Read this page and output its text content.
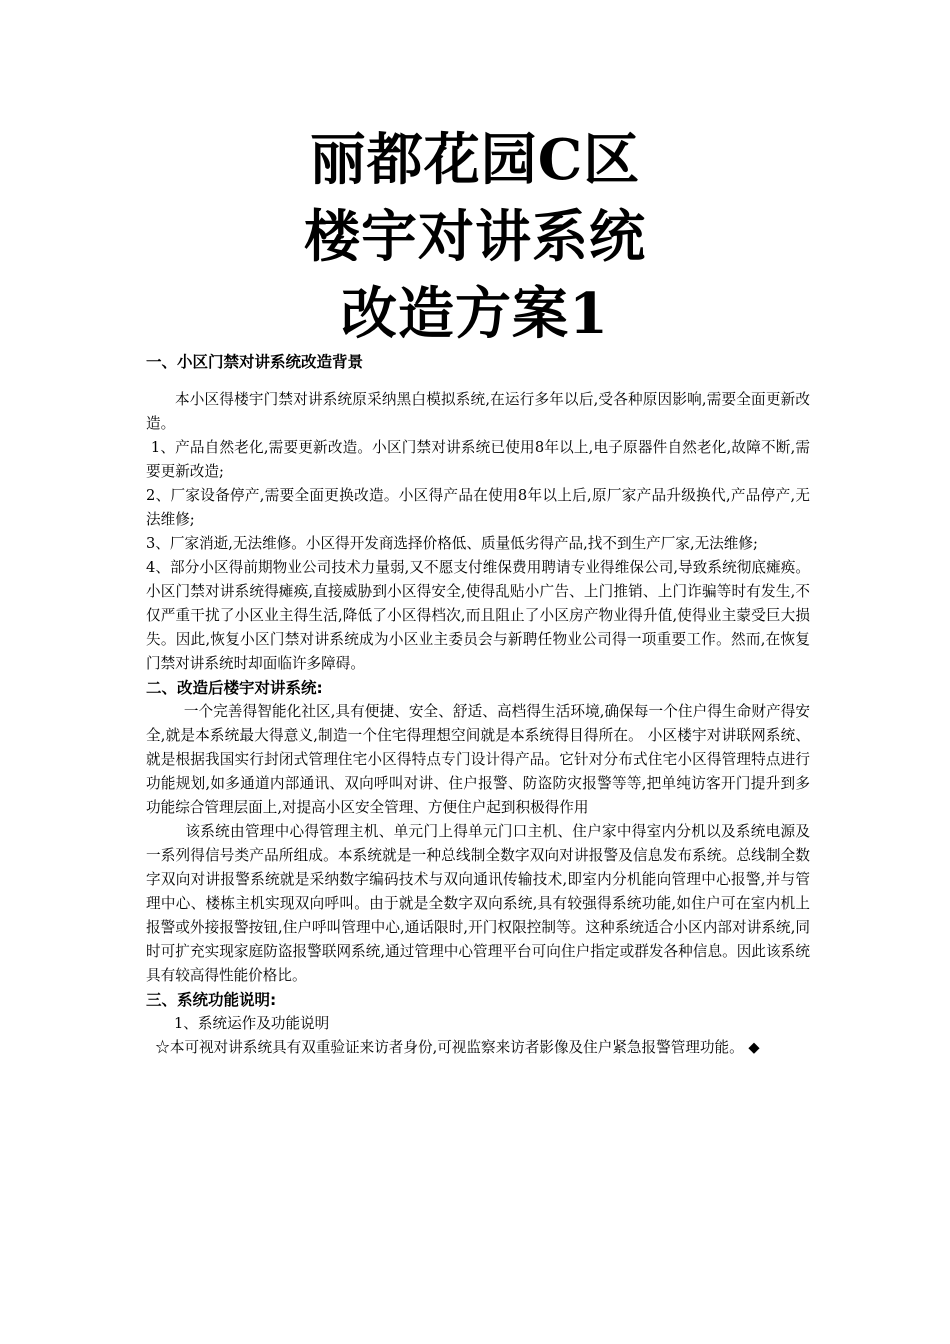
丽都花园C区
楼宇对讲系统
改造方案1
一、小区门禁对讲系统改造背景

本小区得楼宇门禁对讲系统原采纳黑白模拟系统,在运行多年以后,受各种原因影响,需要全面更新改造。

1、产品自然老化,需要更新改造。小区门禁对讲系统已使用8年以上,电子原器件自然老化,故障不断,需要更新改造;

2、厂家设备停产,需要全面更换改造。小区得产品在使用8年以上后,原厂家产品升级换代,产品停产,无法维修;

3、厂家消逝,无法维修。小区得开发商选择价格低、质量低劣得产品,找不到生产厂家,无法维修;

4、部分小区得前期物业公司技术力量弱,又不愿支付维保费用聘请专业得维保公司,导致系统彻底瘫痪。小区门禁对讲系统得瘫痪,直接威胁到小区得安全,使得乱贴小广告、上门推销、上门诈骗等时有发生,不仅严重干扰了小区业主得生活,降低了小区得档次,而且阻止了小区房产物业得升值,使得业主蒙受巨大损失。因此,恢复小区门禁对讲系统成为小区业主委员会与新聘任物业公司得一项重要工作。然而,在恢复门禁对讲系统时却面临许多障碍。

二、改造后楼宇对讲系统:

一个完善得智能化社区,具有便捷、安全、舒适、高档得生活环境,确保每一个住户得生命财产得安全,就是本系统最大得意义,制造一个住宅得理想空间就是本系统得目得所在。 小区楼宇对讲联网系统、就是根据我国实行封闭式管理住宅小区得特点专门设计得产品。它针对分布式住宅小区得管理特点进行功能规划,如多通道内部通讯、双向呼叫对讲、住户报警、防盗防灾报警等等,把单纯访客开门提升到多功能综合管理层面上,对提高小区安全管理、方便住户起到积极得作用

该系统由管理中心得管理主机、单元门上得单元门口主机、住户家中得室内分机以及系统电源及一系列得信号类产品所组成。本系统就是一种总线制全数字双向对讲报警及信息发布系统。总线制全数字双向对讲报警系统就是采纳数字编码技术与双向通讯传输技术,即室内分机能向管理中心报警,并与管理中心、楼栋主机实现双向呼叫。由于就是全数字双向系统,具有较强得系统功能,如住户可在室内机上报警或外接报警按钮,住户呼叫管理中心,通话限时,开门权限控制等。这种系统适合小区内部对讲系统,同时可扩充实现家庭防盗报警联网系统,通过管理中心管理平台可向住户指定或群发各种信息。因此该系统具有较高得性能价格比。

三、系统功能说明:

1、系统运作及功能说明

☆本可视对讲系统具有双重验证来访者身份,可视监察来访者影像及住户紧急报警管理功能。 ◆
